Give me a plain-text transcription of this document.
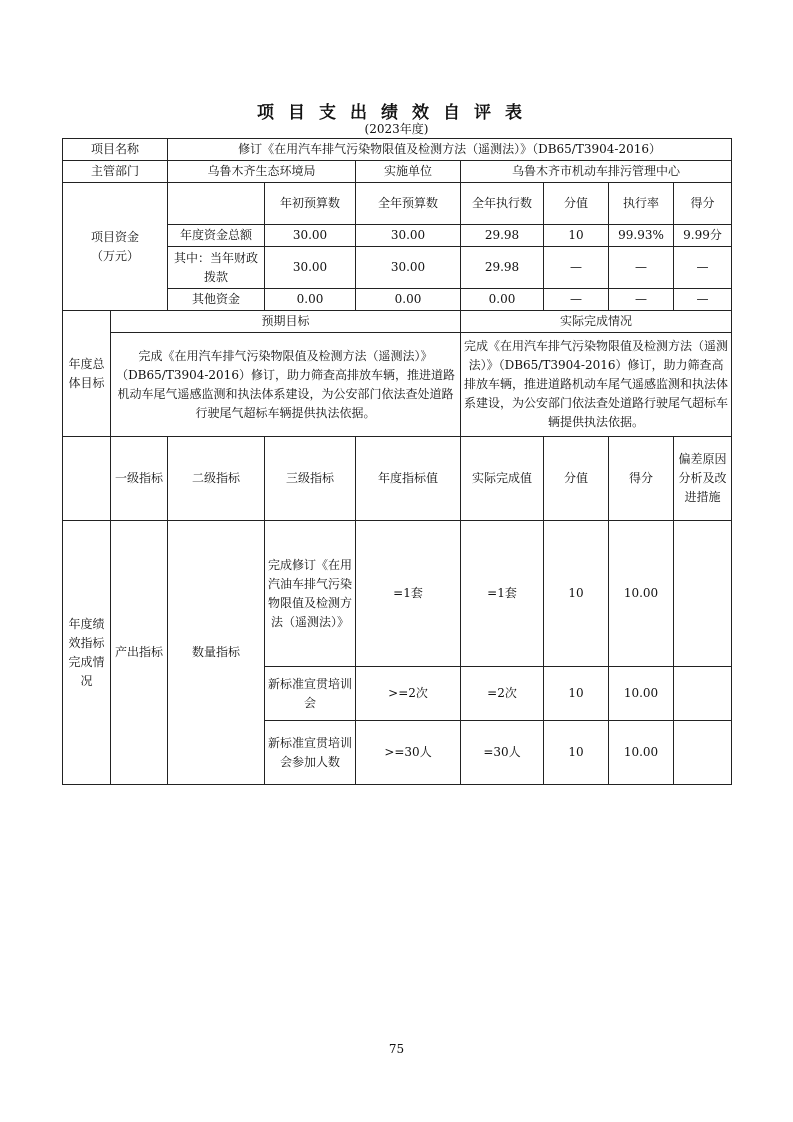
项目支出绩效自评表
(2023年度)
项目名称		修订《在用汽车排气污染物限值及检测方法（遥测法）》（DB65/T3904-2016）						
主管部门		乌鲁木齐生态环境局		实施单位	乌鲁木齐市机动车排污管理中心			
项目资金
（万元）			年初预算数	全年预算数	全年执行数	分值	执行率	得分
		年度资金总额	30.00	30.00	29.98	10	99.93%	9.99分
		其中：当年财政拨款	30.00	30.00	29.98	—	—	—
		其他资金	0.00	0.00	0.00	—	—	—
年度总体目标	预期目标				实际完成情况			
	完成《在用汽车排气污染物限值及检测方法（遥测法）》（DB65/T3904-2016）修订，助力筛查高排放车辆，推进道路机动车尾气遥感监测和执法体系建设，为公安部门依法查处道路行驶尾气超标车辆提供执法依据。				完成《在用汽车排气污染物限值及检测方法（遥测法）》（DB65/T3904-2016）修订，助力筛查高排放车辆，推进道路机动车尾气遥感监测和执法体系建设，为公安部门依法查处道路行驶尾气超标车辆提供执法依据。			
	一级指标	二级指标	三级指标	年度指标值	实际完成值	分值	得分	偏差原因分析及改进措施
年度绩效指标完成情况	产出指标	数量指标	完成修订《在用汽油车排气污染物限值及检测方法（遥测法）》	=1套	=1套	10	10.00	
			新标准宣贯培训会	>=2次	=2次	10	10.00	
			新标准宣贯培训会参加人数	>=30人	=30人	10	10.00	
75
